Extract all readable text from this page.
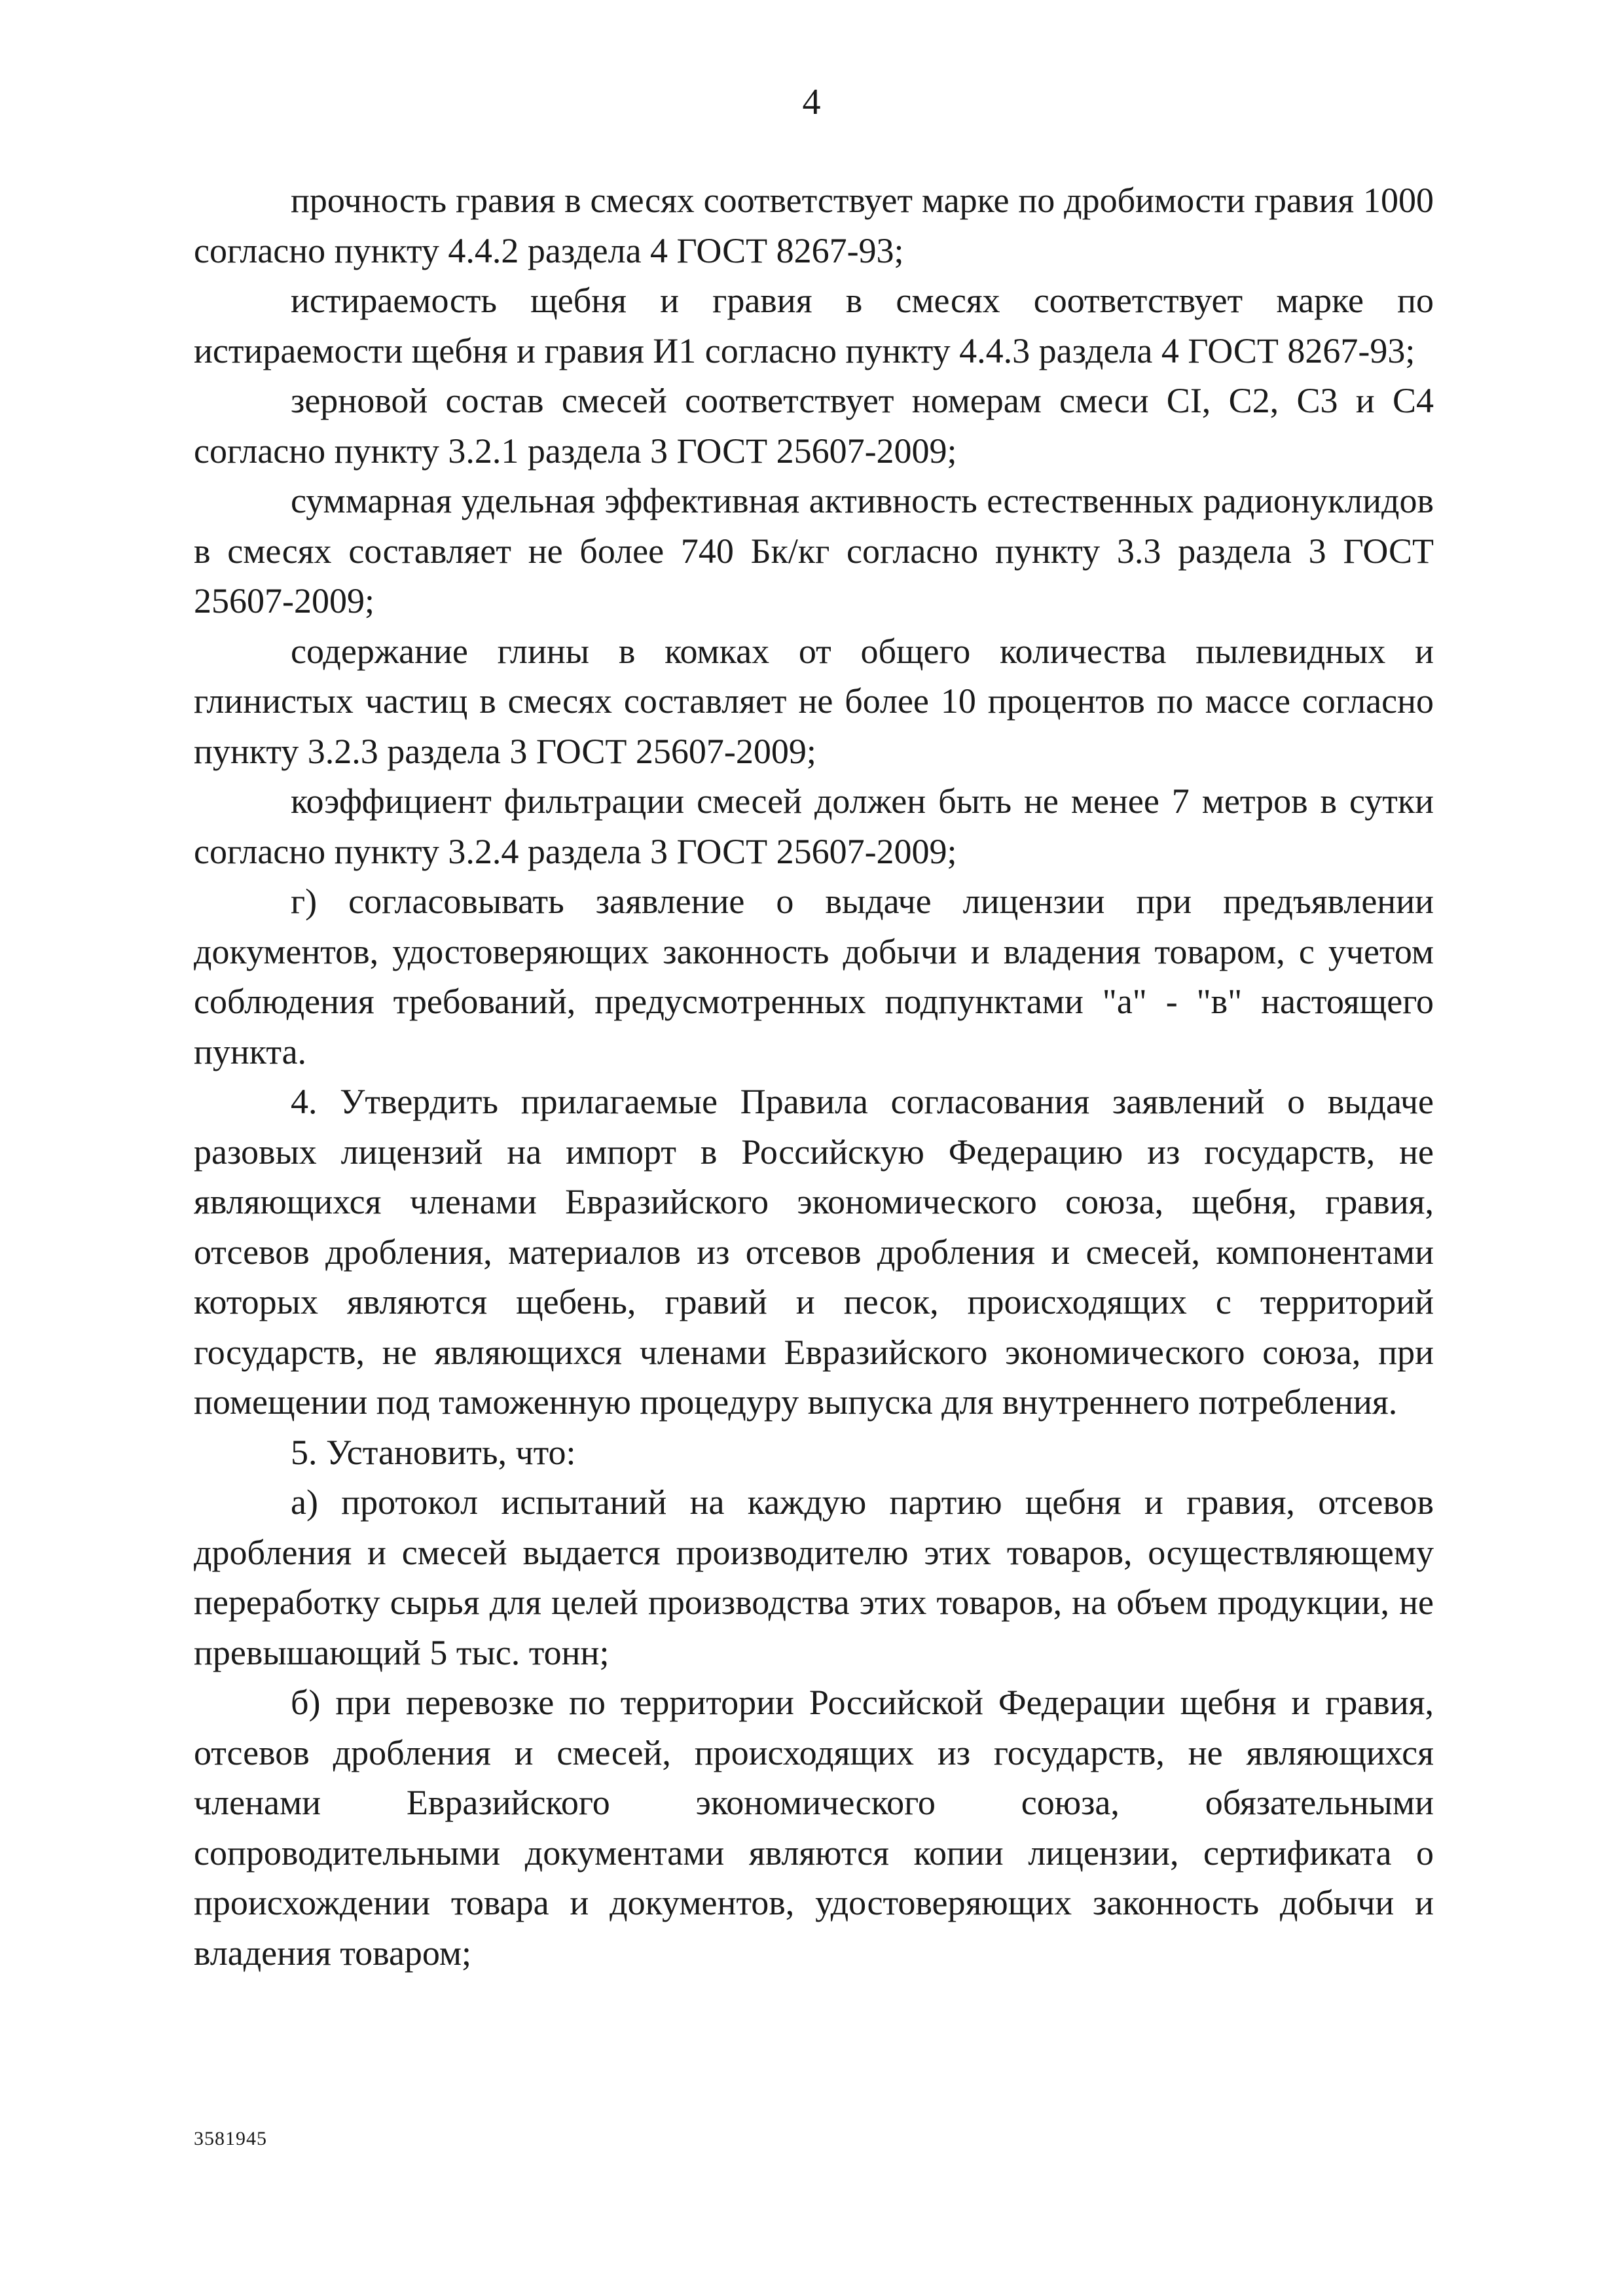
4

прочность гравия в смесях соответствует марке по дробимости гравия 1000 согласно пункту 4.4.2 раздела 4 ГОСТ 8267-93;

истираемость щебня и гравия в смесях соответствует марке по истираемости щебня и гравия И1 согласно пункту 4.4.3 раздела 4 ГОСТ 8267-93;

зерновой состав смесей соответствует номерам смеси CI, C2, C3 и C4 согласно пункту 3.2.1 раздела 3 ГОСТ 25607-2009;

суммарная удельная эффективная активность естественных радионуклидов в смесях составляет не более 740 Бк/кг согласно пункту 3.3 раздела 3 ГОСТ 25607-2009;

содержание глины в комках от общего количества пылевидных и глинистых частиц в смесях составляет не более 10 процентов по массе согласно пункту 3.2.3 раздела 3 ГОСТ 25607-2009;

коэффициент фильтрации смесей должен быть не менее 7 метров в сутки согласно пункту 3.2.4 раздела 3 ГОСТ 25607-2009;

г) согласовывать заявление о выдаче лицензии при предъявлении документов, удостоверяющих законность добычи и владения товаром, с учетом соблюдения требований, предусмотренных подпунктами "а" - "в" настоящего пункта.

4. Утвердить прилагаемые Правила согласования заявлений о выдаче разовых лицензий на импорт в Российскую Федерацию из государств, не являющихся членами Евразийского экономического союза, щебня, гравия, отсевов дробления, материалов из отсевов дробления и смесей, компонентами которых являются щебень, гравий и песок, происходящих с территорий государств, не являющихся членами Евразийского экономического союза, при помещении под таможенную процедуру выпуска для внутреннего потребления.

5. Установить, что:

а) протокол испытаний на каждую партию щебня и гравия, отсевов дробления и смесей выдается производителю этих товаров, осуществляющему переработку сырья для целей производства этих товаров, на объем продукции, не превышающий 5 тыс. тонн;

б) при перевозке по территории Российской Федерации щебня и гравия, отсевов дробления и смесей, происходящих из государств, не являющихся членами Евразийского экономического союза, обязательными сопроводительными документами являются копии лицензии, сертификата о происхождении товара и документов, удостоверяющих законность добычи и владения товаром;

3581945
